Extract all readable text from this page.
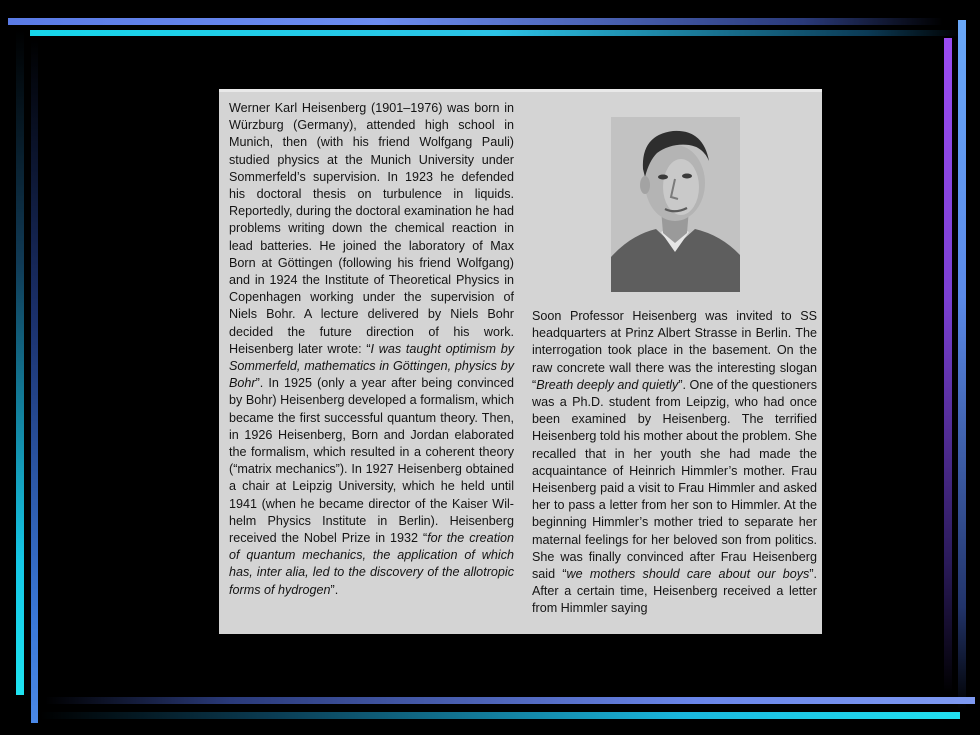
Werner Karl Heisenberg (1901–1976) was born in Würzburg (Germany), attended high school in Munich, then (with his friend Wolfgang Pauli) studied physics at the Munich University under Sommerfeld’s supervision. In 1923 he defended his doctoral thesis on turbulence in liquids. Reportedly, during the doctoral examination he had problems writing down the chemical reaction in lead batteries. He joined the laboratory of Max Born at Göttingen (following his friend Wolfgang) and in 1924 the Institute of Theoretical Physics in Copenhagen working under the supervision of Niels Bohr. A lecture delivered by Niels Bohr decided the future direction of his work. Heisenberg later wrote: “I was taught optimism by Sommerfeld, mathematics in Göttingen, physics by Bohr”. In 1925 (only a year after being convinced by Bohr) Heisenberg developed a formalism, which became the first successful quantum theory. Then, in 1926 Heisenberg, Born and Jordan elaborated the formalism, which resulted in a coherent theory (“matrix mechanics”). In 1927 Heisenberg obtained a chair at Leipzig University, which he held until 1941 (when he became director of the Kaiser Wilhelm Physics Institute in Berlin). Heisenberg received the Nobel Prize in 1932 “for the creation of quantum mechanics, the application of which has, inter alia, led to the discovery of the allotropic forms of hydrogen”.

Soon Professor Heisenberg was invited to SS headquarters at Prinz Albert Strasse in Berlin. The interrogation took place in the basement. On the raw concrete wall there was the interesting slogan “Breath deeply and quietly”. One of the questioners was a Ph.D. student from Leipzig, who had once been examined by Heisenberg. The terrified Heisenberg told his mother about the problem. She recalled that in her youth she had made the acquaintance of Heinrich Himmler’s mother. Frau Heisenberg paid a visit to Frau Himmler and asked her to pass a letter from her son to Himmler. At the beginning Himmler’s mother tried to separate her maternal feelings for her beloved son from politics. She was finally convinced after Frau Heisenberg said “we mothers should care about our boys”. After a certain time, Heisenberg received a letter from Himmler saying
